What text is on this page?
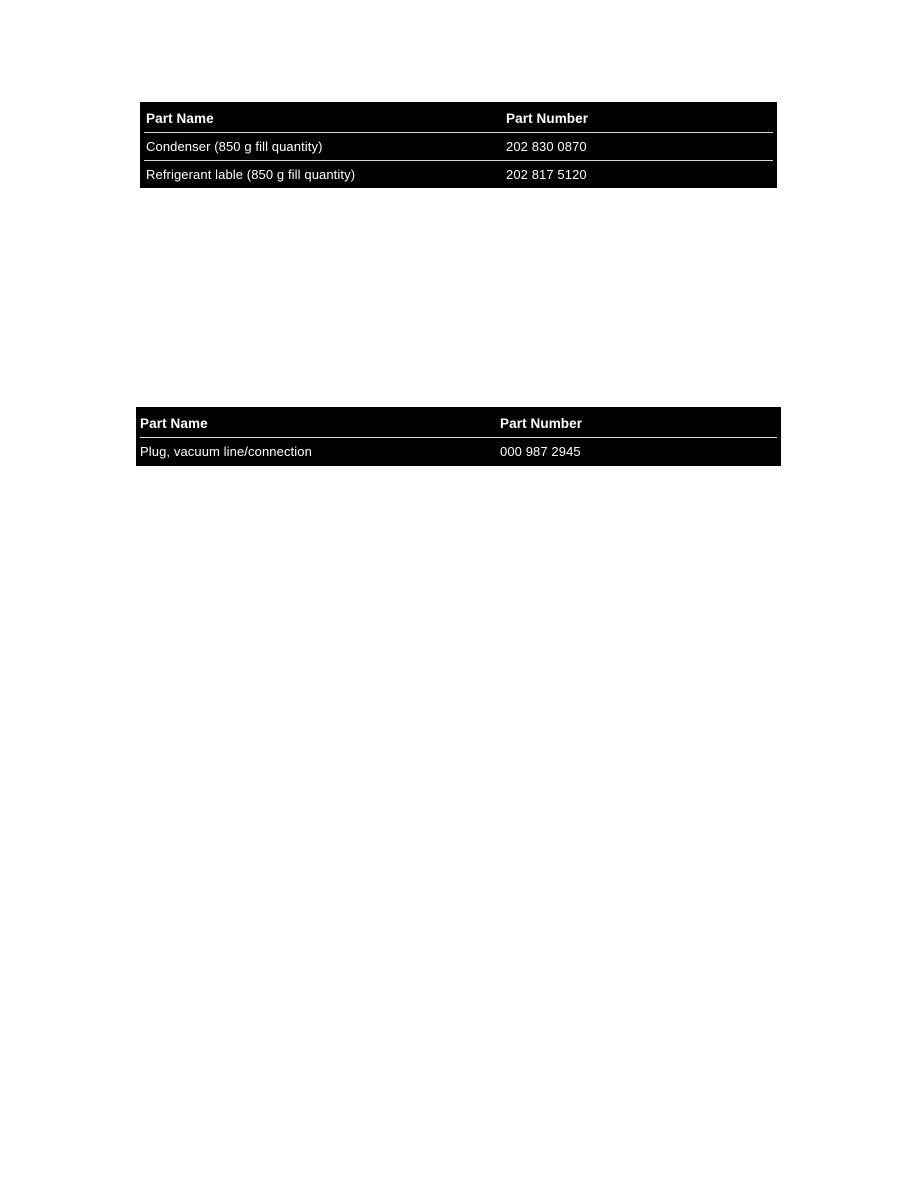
Part Name	Part Number
Condenser (850 g fill quantity)	202 830 0870
Refrigerant lable (850 g fill quantity)	202 817 5120
Part Name	Part Number
Plug, vacuum line/connection	000 987 2945
